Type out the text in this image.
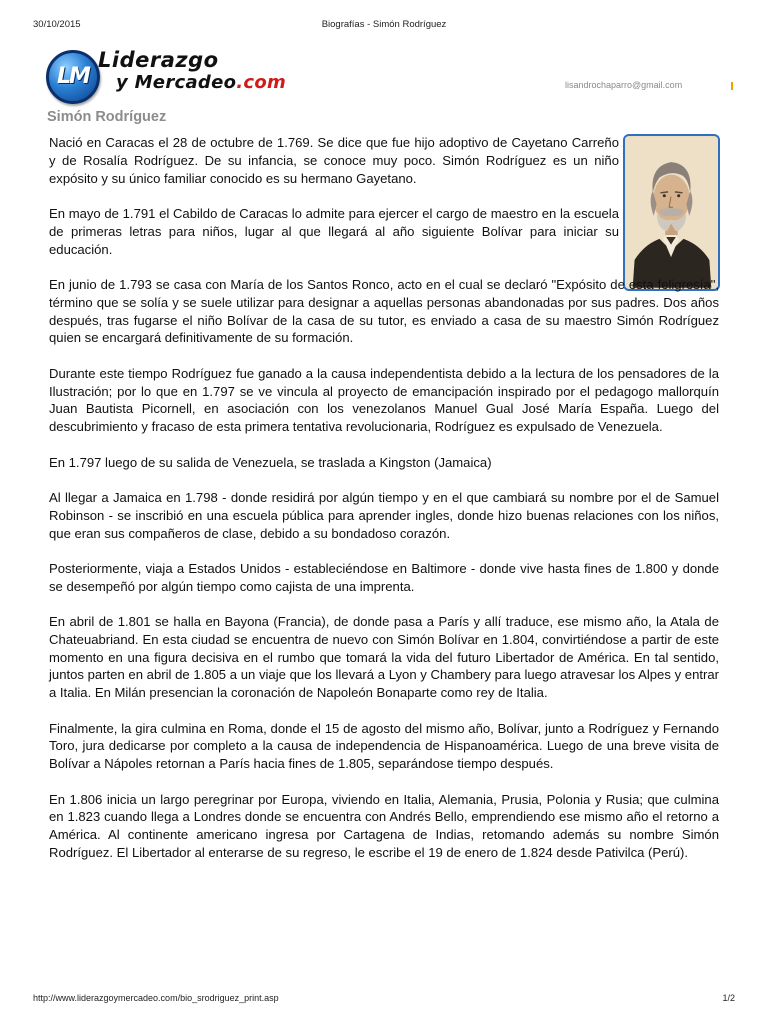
30/10/2015	Biografías - Simón Rodríguez
LM
Liderazgo
y Mercadeo.com	lisandrochaparro@gmail.com
Simón Rodríguez

Nació en Caracas el 28 de octubre de 1.769. Se dice que fue hijo adoptivo de Cayetano Carreño y de Rosalía Rodríguez. De su infancia, se conoce muy poco. Simón Rodríguez es un niño expósito y su único familiar conocido es su hermano Gayetano.

En mayo de 1.791 el Cabildo de Caracas lo admite para ejercer el cargo de maestro en la escuela de primeras letras para niños, lugar al que llegará al año siguiente Bolívar para iniciar su educación.

En junio de 1.793 se casa con María de los Santos Ronco, acto en el cual se declaró "Expósito de esta feligresía", término que se solía y se suele utilizar para designar a aquellas personas abandonadas por sus padres. Dos años después, tras fugarse el niño Bolívar de la casa de su tutor, es enviado a casa de su maestro Simón Rodríguez quien se encargará definitivamente de su formación.

Durante este tiempo Rodríguez fue ganado a la causa independentista debido a la lectura de los pensadores de la Ilustración; por lo que en 1.797 se ve vincula al proyecto de emancipación inspirado por el pedagogo mallorquín Juan Bautista Picornell, en asociación con los venezolanos Manuel Gual José María España. Luego del descubrimiento y fracaso de esta primera tentativa revolucionaria, Rodríguez es expulsado de Venezuela.

En 1.797 luego de su salida de Venezuela, se traslada a Kingston (Jamaica)

Al llegar a Jamaica en 1.798 - donde residirá por algún tiempo y en el que cambiará su nombre por el de Samuel Robinson - se inscribió en una escuela pública para aprender ingles, donde hizo buenas relaciones con los niños, que eran sus compañeros de clase, debido a su bondadoso corazón.

Posteriormente, viaja a Estados Unidos - estableciéndose en Baltimore - donde vive hasta fines de 1.800 y donde se desempeñó por algún tiempo como cajista de una imprenta.

En abril de 1.801 se halla en Bayona (Francia), de donde pasa a París y allí traduce, ese mismo año, la Atala de Chateuabriand. En esta ciudad se encuentra de nuevo con Simón Bolívar en 1.804, convirtiéndose a partir de este momento en una figura decisiva en el rumbo que tomará la vida del futuro Libertador de América. En tal sentido, juntos parten en abril de 1.805 a un viaje que los llevará a Lyon y Chambery para luego atravesar los Alpes y entrar a Italia. En Milán presencian la coronación de Napoleón Bonaparte como rey de Italia.

Finalmente, la gira culmina en Roma, donde el 15 de agosto del mismo año, Bolívar, junto a Rodríguez y Fernando Toro, jura dedicarse por completo a la causa de independencia de Hispanoamérica. Luego de una breve visita de Bolívar a Nápoles retornan a París hacia fines de 1.805, separándose tiempo después.

En 1.806 inicia un largo peregrinar por Europa, viviendo en Italia, Alemania, Prusia, Polonia y Rusia; que culmina en 1.823 cuando llega a Londres donde se encuentra con Andrés Bello, emprendiendo ese mismo año el retorno a América. Al continente americano ingresa por Cartagena de Indias, retomando además su nombre Simón Rodríguez. El Libertador al enterarse de su regreso, le escribe el 19 de enero de 1.824 desde Pativilca (Perú).

http://www.liderazgoymercadeo.com/bio_srodriguez_print.asp	1/2
